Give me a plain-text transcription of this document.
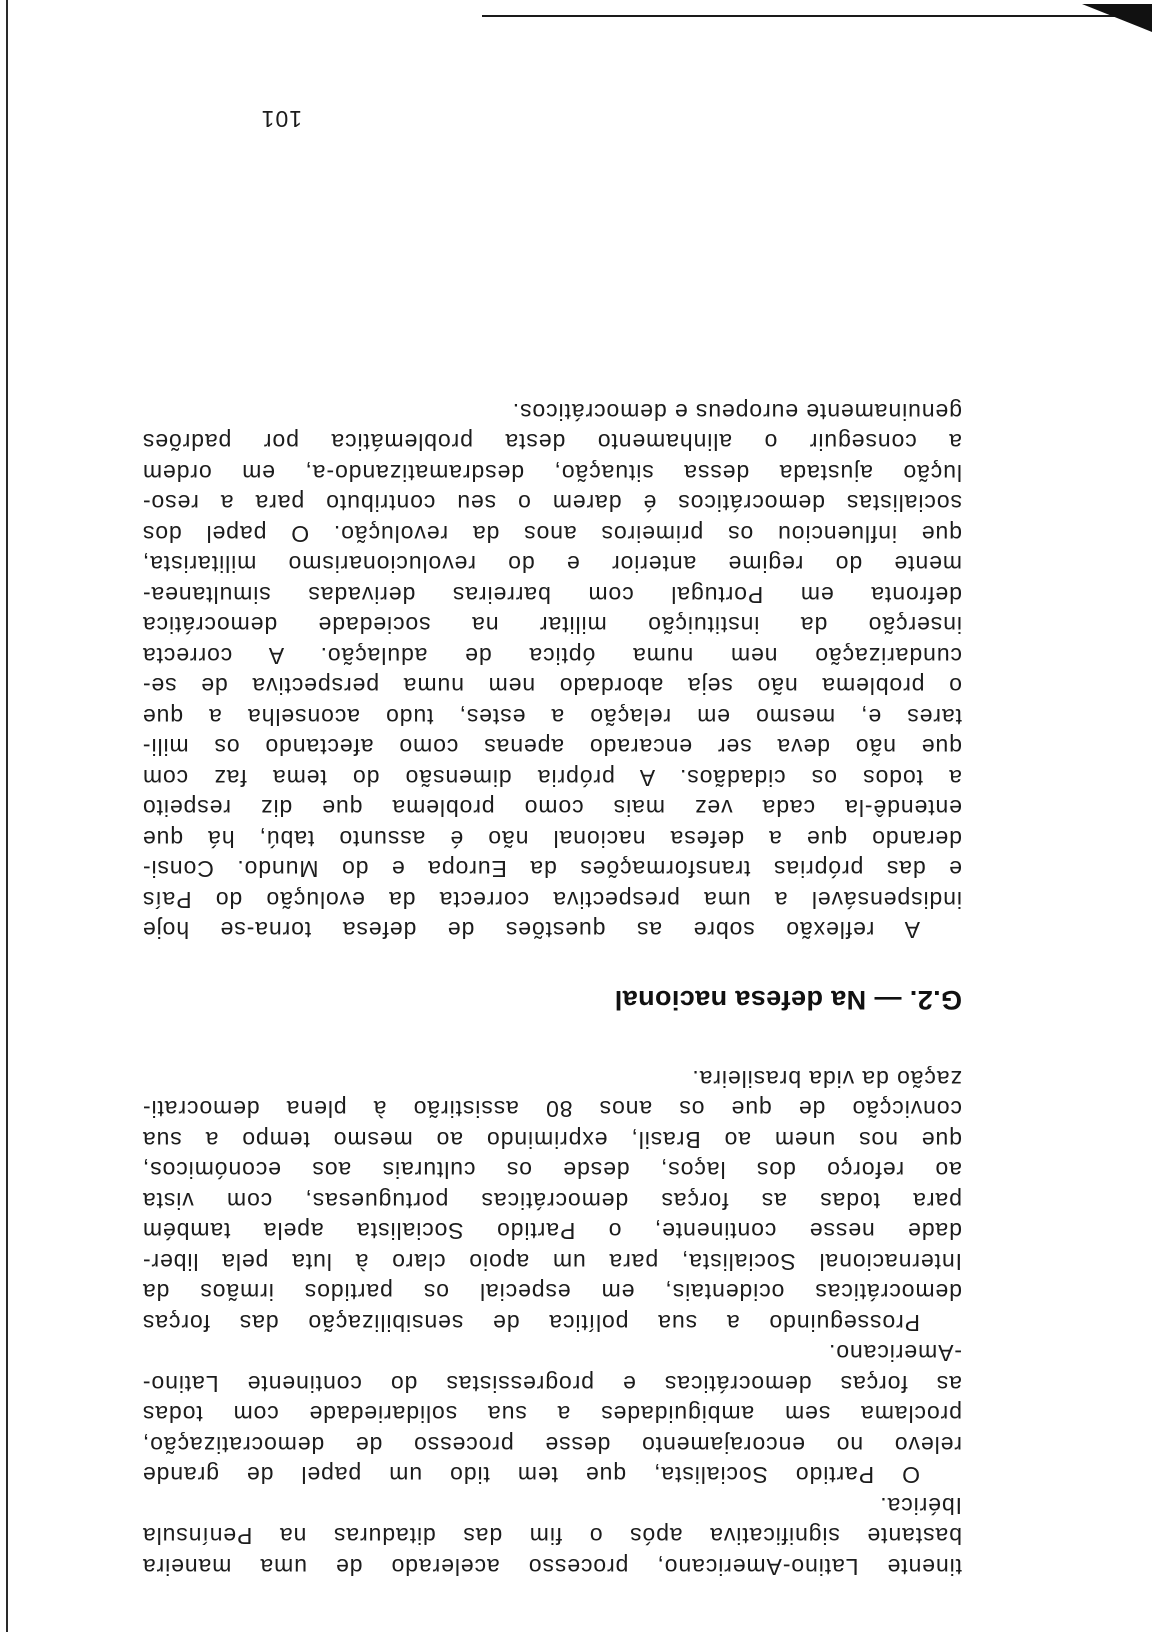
tinente Latino-Americano, processo acelerado de uma maneira
bastante significativa após o fim das ditaduras na Península
Ibérica.
O Partido Socialista, que tem tido um papel de grande
relevo no encorajamento desse processo de democratização,
proclama sem ambiguidades a sua solidariedade com todas
as forças democráticas e progressistas do continente Latino-
-Americano.
Prosseguindo a sua política de sensibilização das forças
democráticas ocidentais, em especial os partidos irmãos da
Internacional Socialista, para um apoio claro à luta pela liber-
dade nesse continente, o Partido Socialista apela também
para todas as forças democráticas portuguesas, com vista
ao reforço dos laços, desde os culturais aos económicos,
que nos unem ao Brasil, exprimindo ao mesmo tempo a sua
convicção de que os anos 80 assistirão à plena democrati-
zação da vida brasileira.
G.2. — Na defesa nacional
A reflexão sobre as questões de defesa torna-se hoje
indispensável a uma prespectiva correcta da evolução do País
e das próprias transformações da Europa e do Mundo. Consi-
derando que a defesa nacional não é assunto tabú, há que
entendê-la cada vez mais como problema que diz respeito
a todos os cidadãos. A própria dimensão do tema faz com
que não deva ser encarado apenas como afectando os mili-
tares e, mesmo em relação a estes, tudo aconselha a que
o problema não seja abordado nem numa perspectiva de se-
cundarização nem numa óptica de adulação. A correcta
inserção da instituição militar na sociedade democrática
defronta em Portugal com barreiras derivadas simultanea-
mente do regime anterior e do revolucionarismo militarista,
que influenciou os primeiros anos da revolução. O papel dos
socialistas democráticos é darem o seu contributo para a reso-
lução ajustada dessa situação, desdramatizando-a, em ordem
a conseguir o alinhamento desta problemática por padrões
genuinamente europeus e democráticos.
101
